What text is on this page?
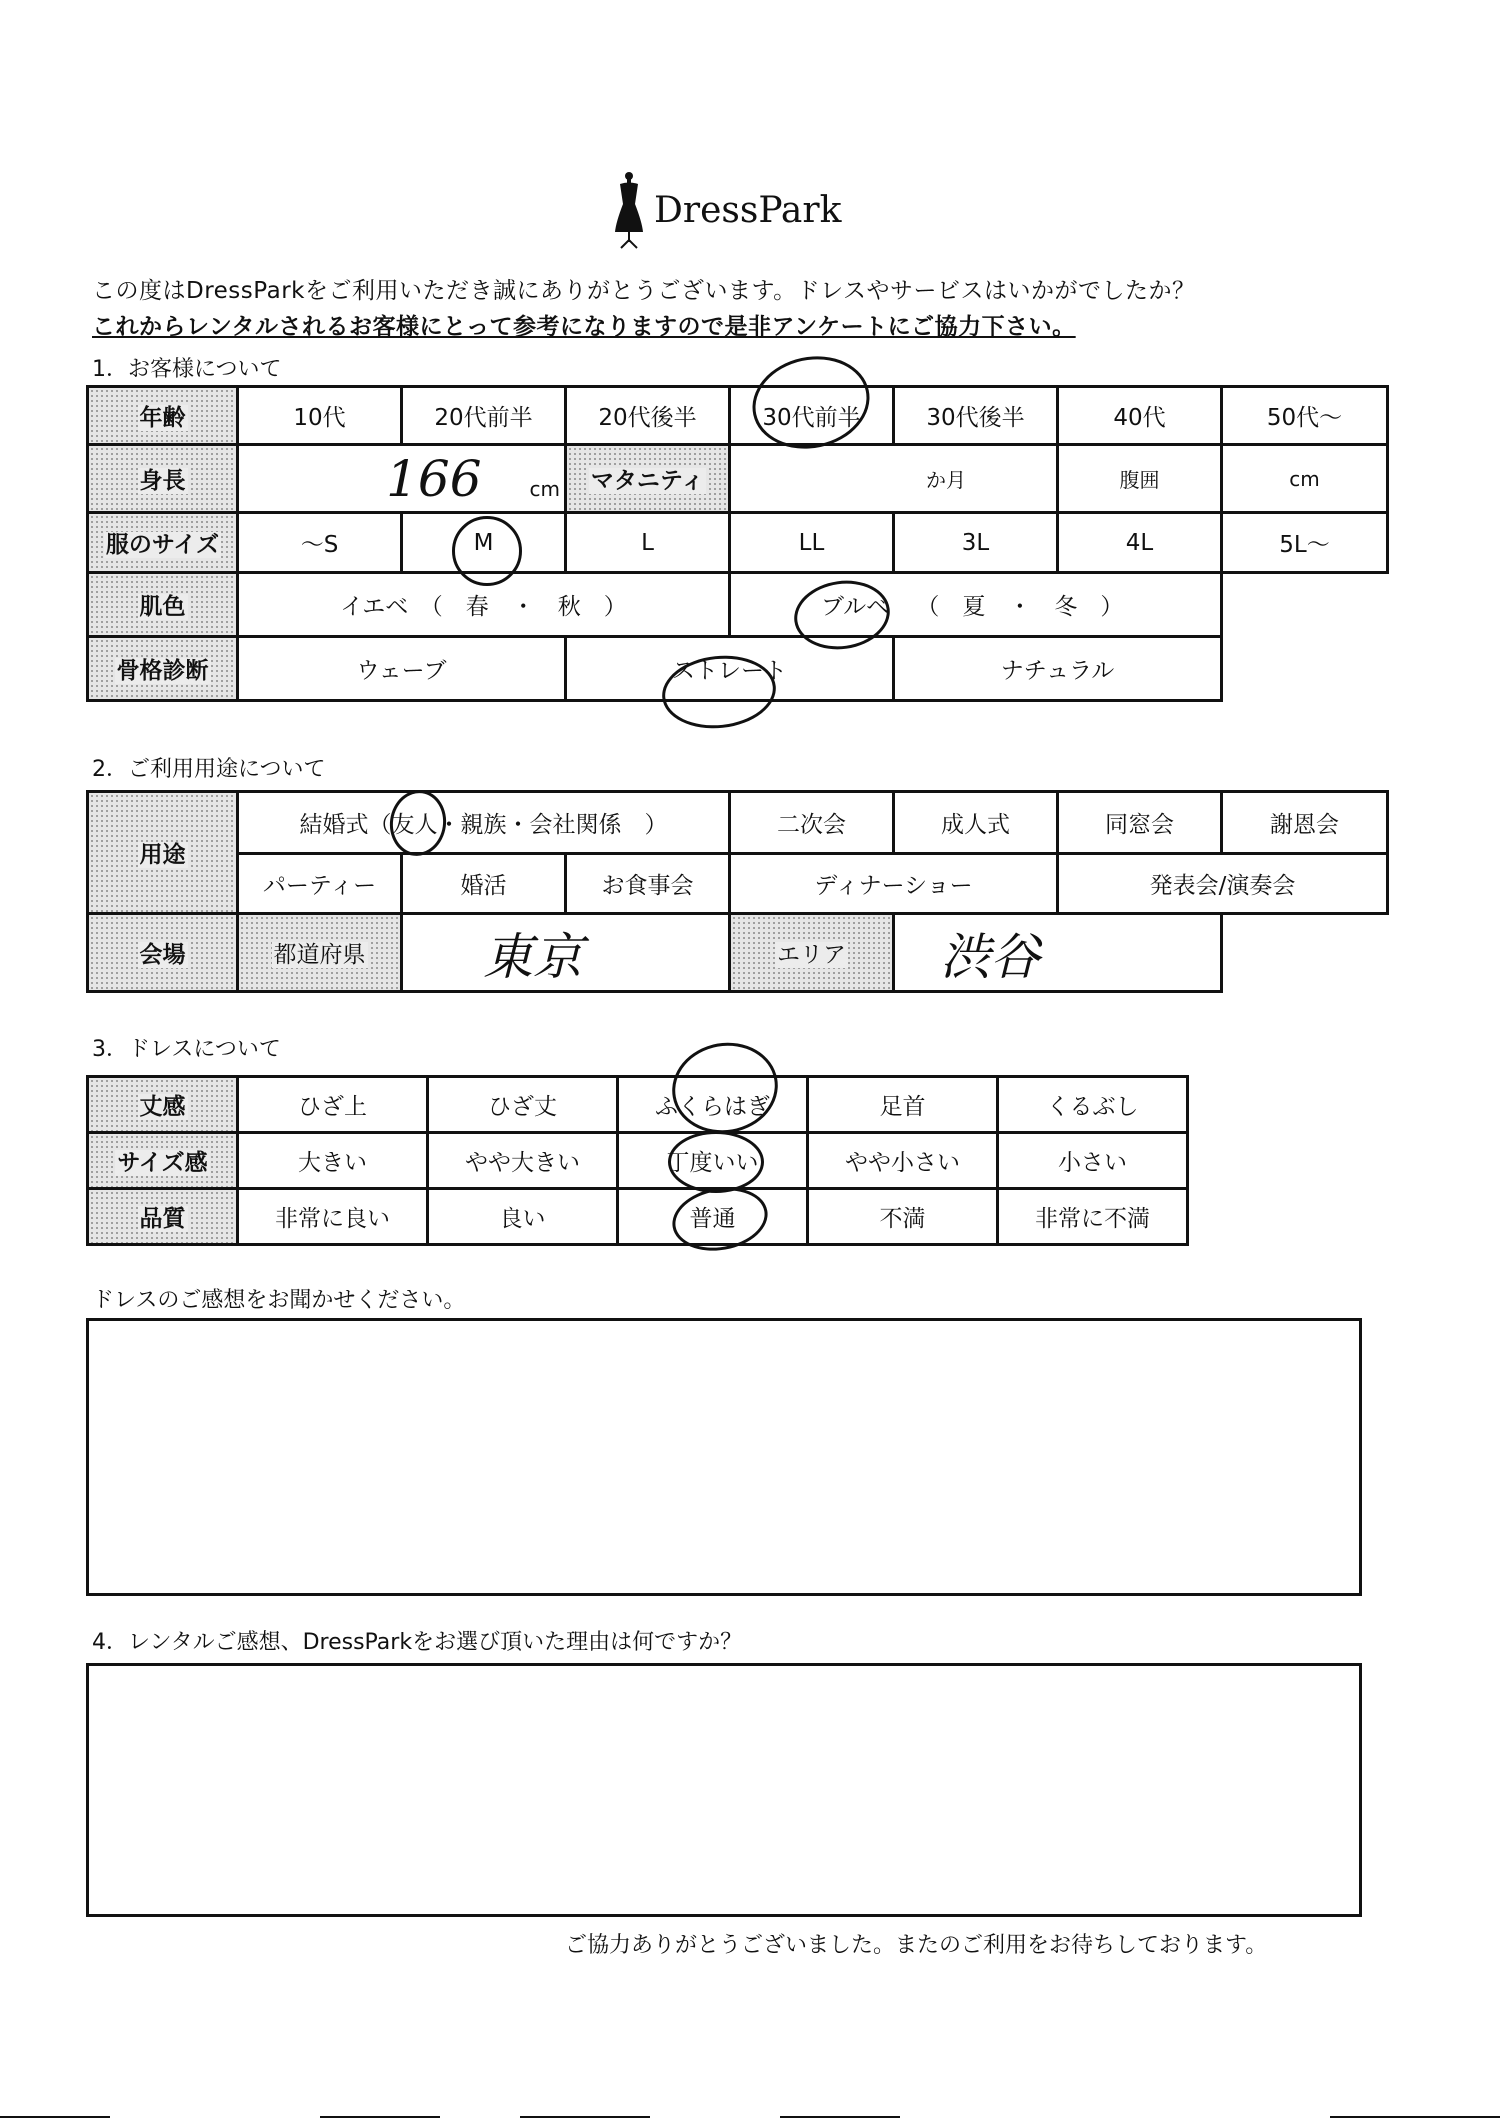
DressPark
この度はDressParkをご利用いただき誠にありがとうございます。ドレスやサービスはいかがでしたか？
これからレンタルされるお客様にとって参考になりますので是非アンケートにご協力下さい。
1．お客様について
年齢	10代	20代前半	20代後半	30代前半	30代後半	40代	50代～
身長	166 cm		マタニティ	か月		腹囲	cm
服のサイズ	～S	M	L	LL	3L	4L	5L～
肌色	イエベ　（　春　・　秋　）			ブルベ （　夏　・　冬　）			
骨格診断	ウェーブ		ストレート		ナチュラル		
2．ご利用用途について
用途	結婚式（友人・親族・会社関係　）			二次会	成人式	同窓会	謝恩会
	パーティー	婚活	お食事会	ディナーショー		発表会/演奏会	
会場	都道府県	東京		エリア	渋谷		
3．ドレスについて
丈感	ひざ上	ひざ丈	ふくらはぎ	足首	くるぶし
サイズ感	大きい	やや大きい	丁度いい	やや小さい	小さい
品質	非常に良い	良い	普通	不満	非常に不満
ドレスのご感想をお聞かせください。
4．レンタルご感想、DressParkをお選び頂いた理由は何ですか？
ご協力ありがとうございました。またのご利用をお待ちしております。
